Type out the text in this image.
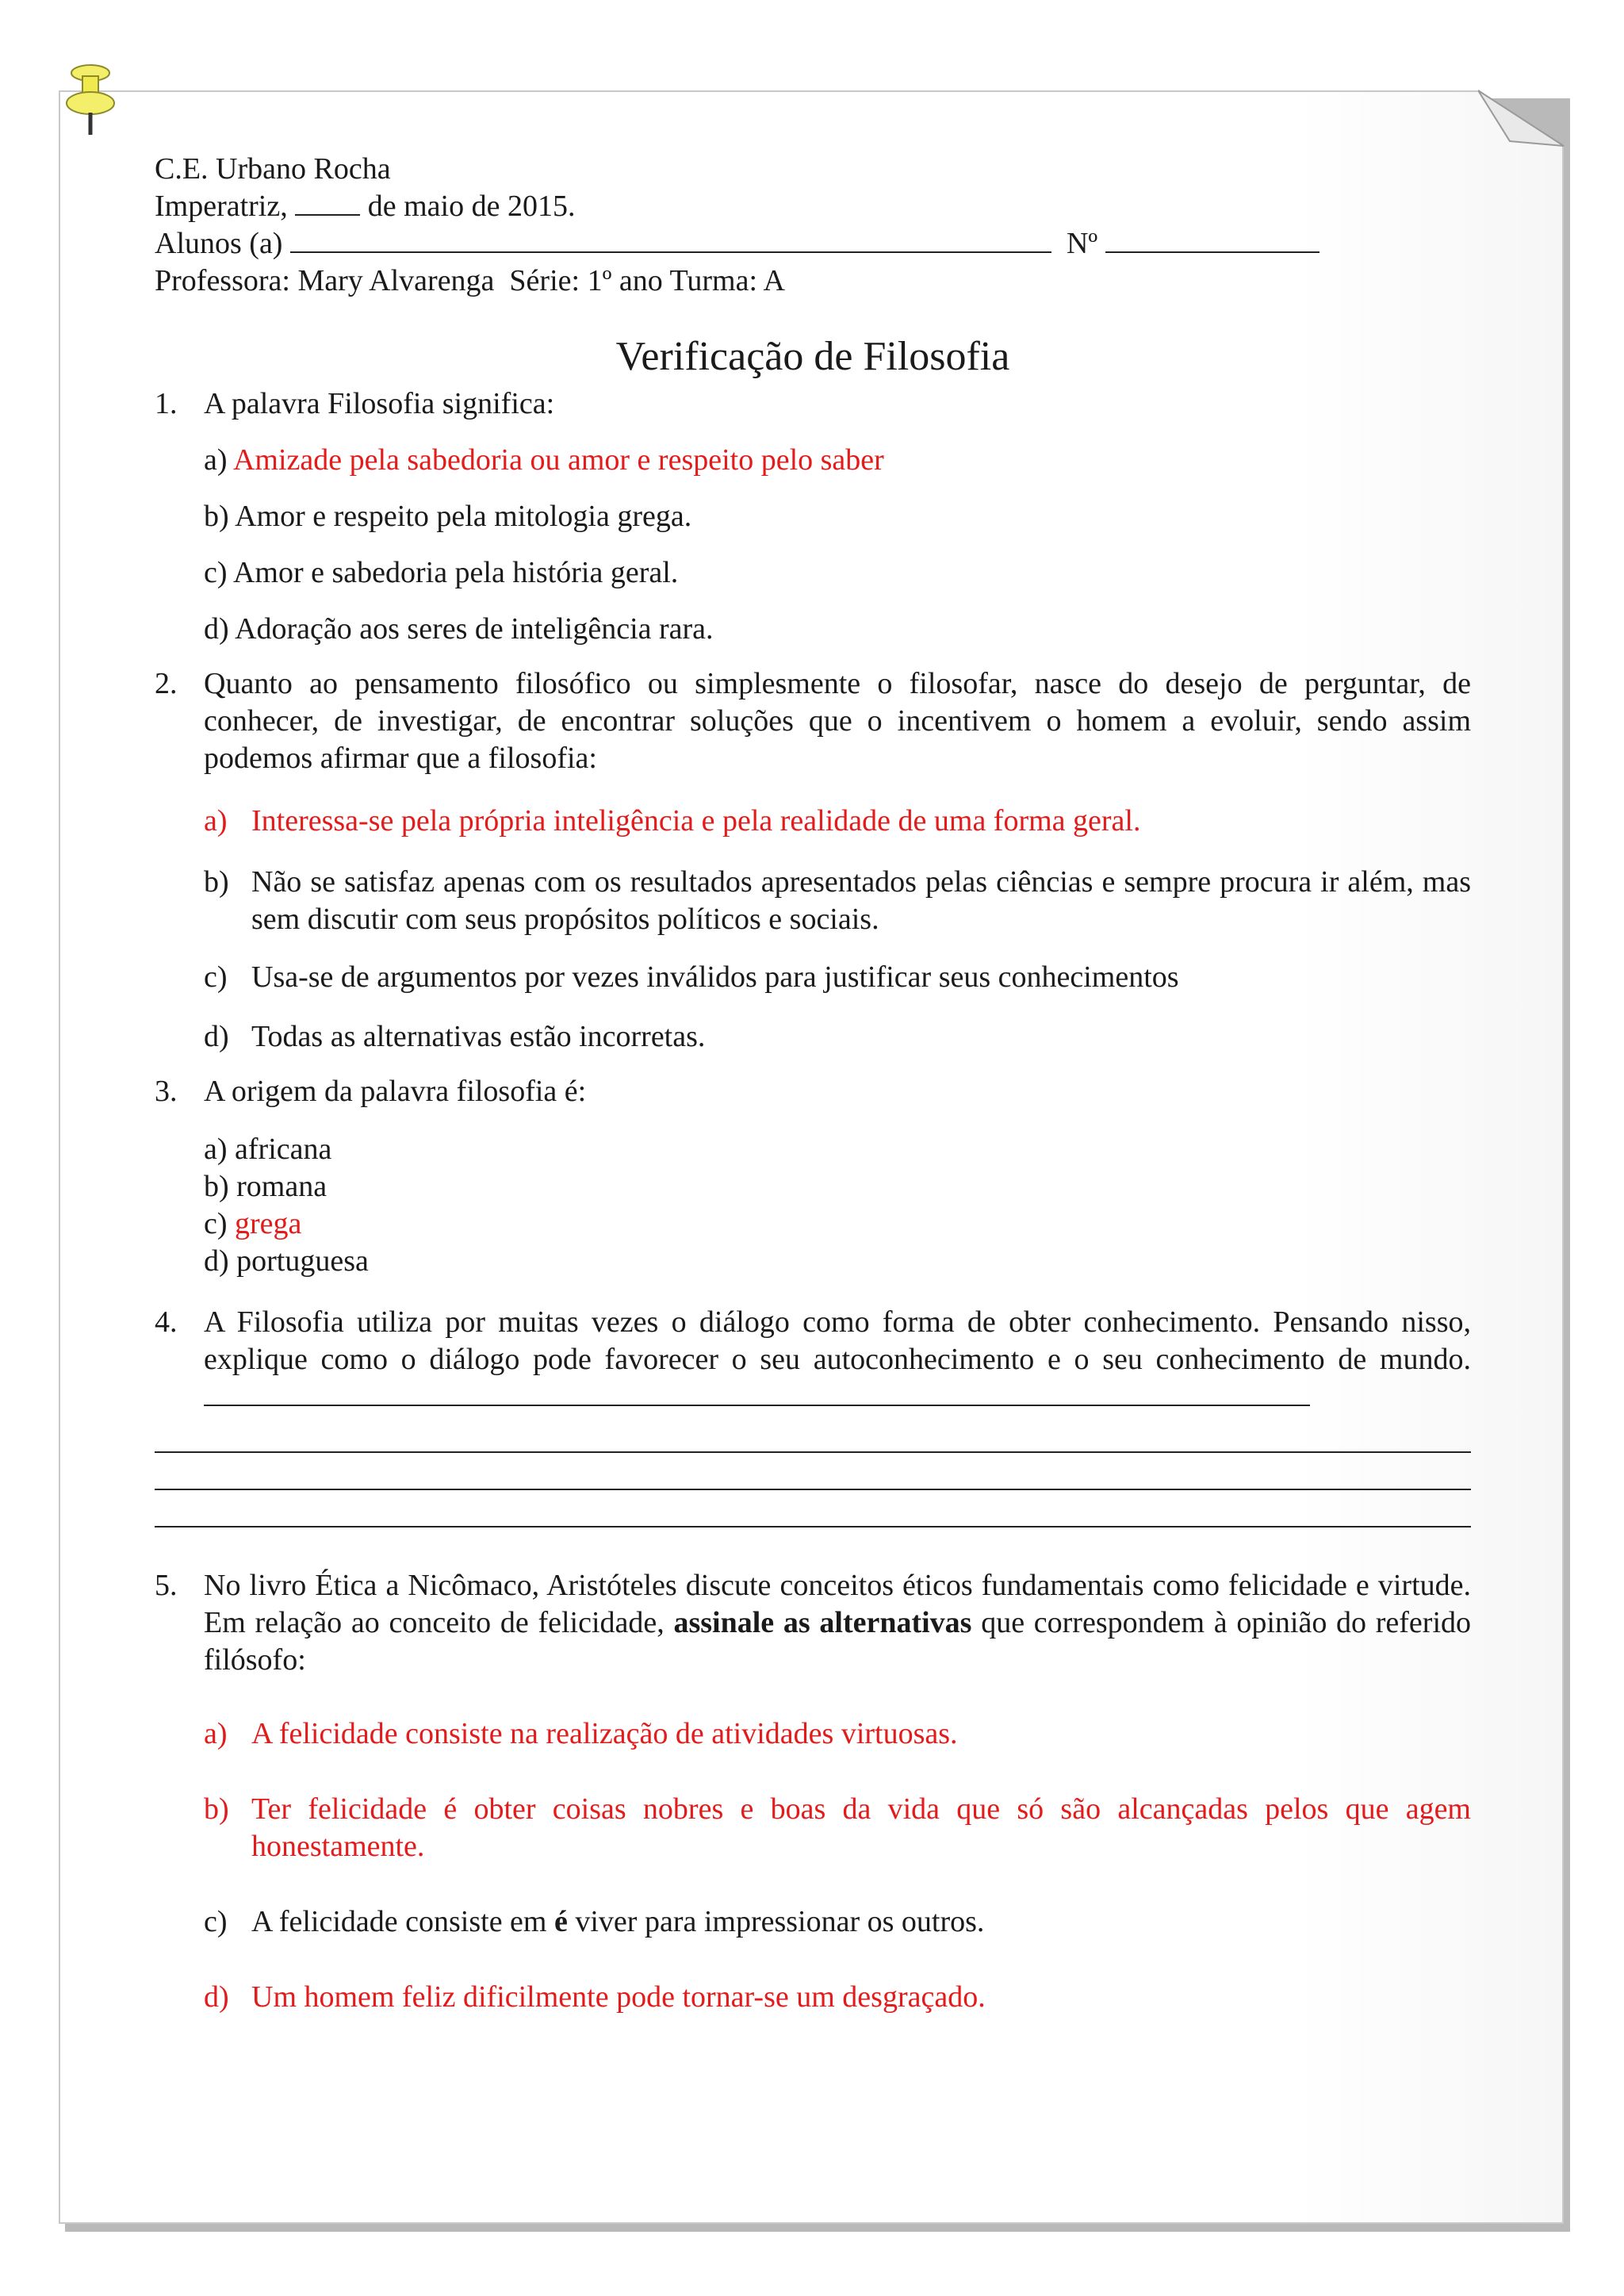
C.E. Urbano Rocha
Imperatriz,	de maio de 2015.
Alunos (a)	Nº
Professora: Mary Alvarenga  Série: 1º ano Turma: A
Verificação de Filosofia
1. A palavra Filosofia significa:
a) Amizade pela sabedoria ou amor e respeito pelo saber
b) Amor e respeito pela mitologia grega.
c) Amor e sabedoria pela história geral.
d) Adoração aos seres de inteligência rara.
2. Quanto ao pensamento filosófico ou simplesmente o filosofar, nasce do desejo de perguntar, de conhecer, de investigar, de encontrar soluções que o incentivem o homem a evoluir, sendo assim podemos afirmar que a filosofia:
a) Interessa-se pela própria inteligência e pela realidade de uma forma geral.
b) Não se satisfaz apenas com os resultados apresentados pelas ciências e sempre procura ir além, mas sem discutir com seus propósitos políticos e sociais.
c) Usa-se de argumentos por vezes inválidos para justificar seus conhecimentos
d) Todas as alternativas estão incorretas.
3. A origem da palavra filosofia é:
a) africana
b) romana
c) grega
d) portuguesa
4. A Filosofia utiliza por muitas vezes o diálogo como forma de obter conhecimento. Pensando nisso, explique como o diálogo pode favorecer o seu autoconhecimento e o seu conhecimento de mundo.
5. No livro Ética a Nicômaco, Aristóteles discute conceitos éticos fundamentais como felicidade e virtude. Em relação ao conceito de felicidade, assinale as alternativas que correspondem à opinião do referido filósofo:
a) A felicidade consiste na realização de atividades virtuosas.
b) Ter felicidade é obter coisas nobres e boas da vida que só são alcançadas pelos que agem honestamente.
c) A felicidade consiste em é viver para impressionar os outros.
d) Um homem feliz dificilmente pode tornar-se um desgraçado.
